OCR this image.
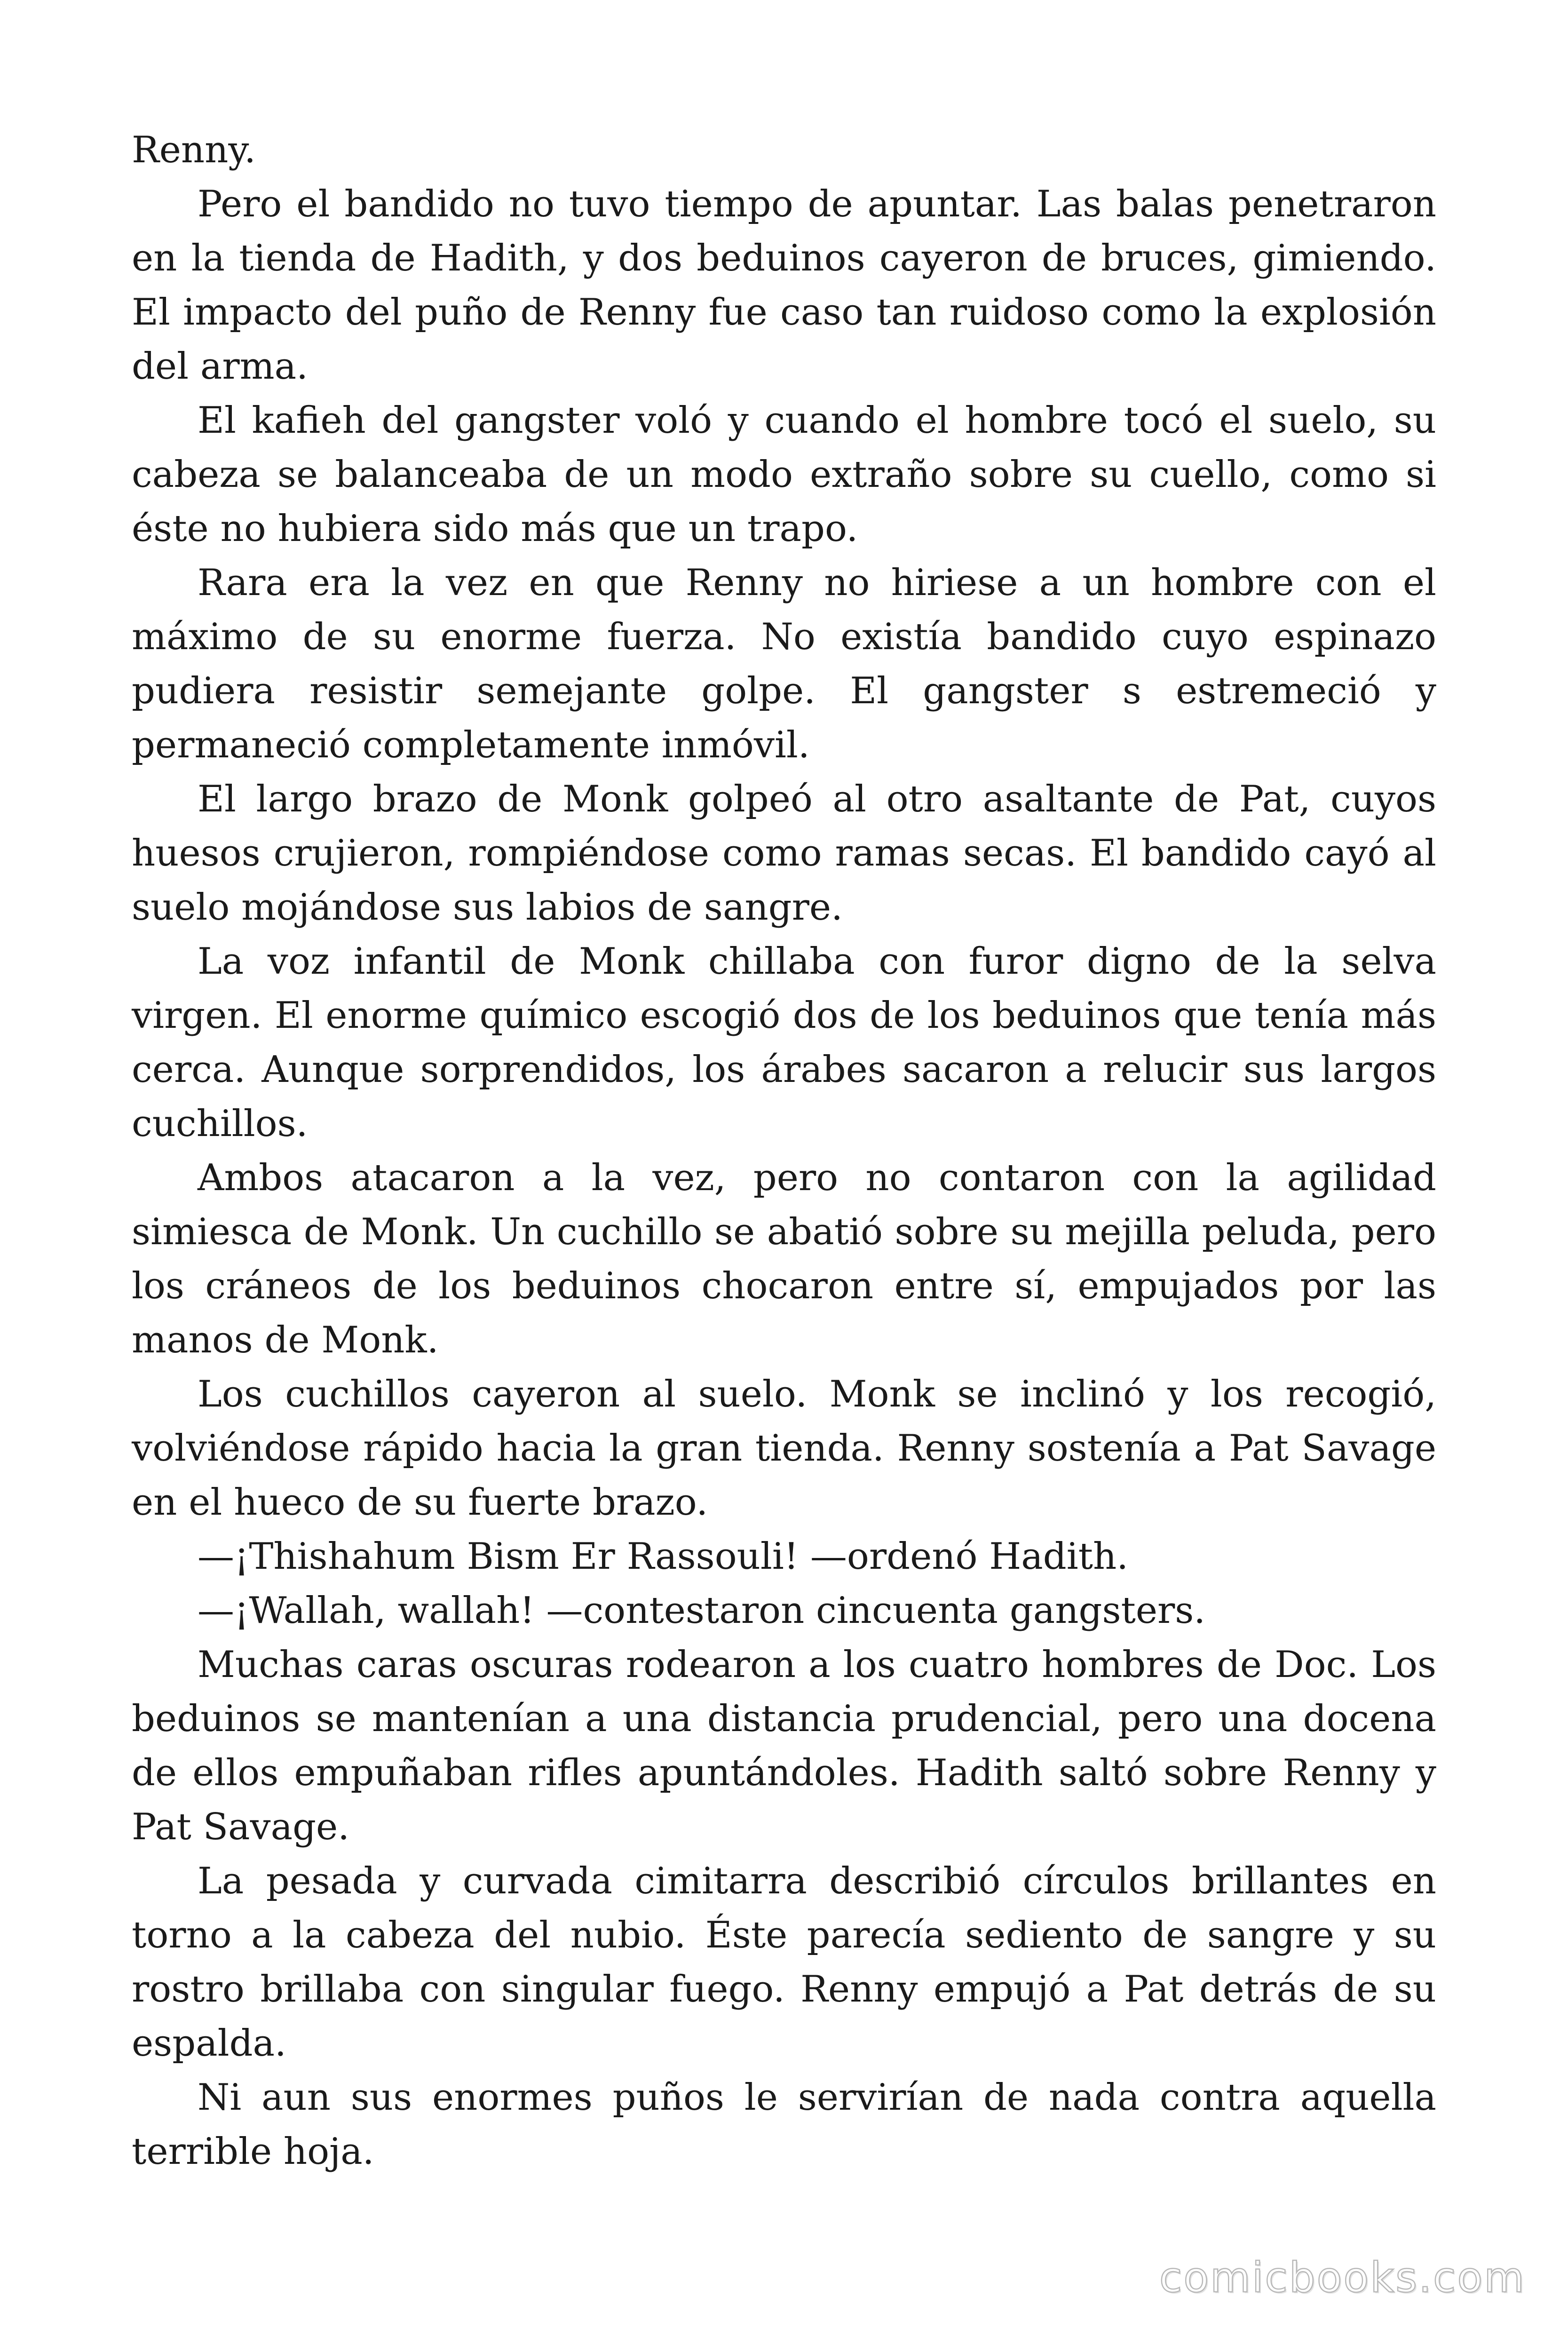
Renny.

Pero el bandido no tuvo tiempo de apuntar. Las balas penetraron en la tienda de Hadith, y dos beduinos cayeron de bruces, gimiendo. El impacto del puño de Renny fue caso tan ruidoso como la explosión del arma.

El kafieh del gangster voló y cuando el hombre tocó el suelo, su cabeza se balanceaba de un modo extraño sobre su cuello, como si éste no hubiera sido más que un trapo.

Rara era la vez en que Renny no hiriese a un hombre con el máximo de su enorme fuerza. No existía bandido cuyo espinazo pudiera resistir semejante golpe. El gangster s estremeció y permaneció completamente inmóvil.

El largo brazo de Monk golpeó al otro asaltante de Pat, cuyos huesos crujieron, rompiéndose como ramas secas. El bandido cayó al suelo mojándose sus labios de sangre.

La voz infantil de Monk chillaba con furor digno de la selva virgen. El enorme químico escogió dos de los beduinos que tenía más cerca. Aunque sorprendidos, los árabes sacaron a relucir sus largos cuchillos.

Ambos atacaron a la vez, pero no contaron con la agilidad simiesca de Monk. Un cuchillo se abatió sobre su mejilla peluda, pero los cráneos de los beduinos chocaron entre sí, empujados por las manos de Monk.

Los cuchillos cayeron al suelo. Monk se inclinó y los recogió, volviéndose rápido hacia la gran tienda. Renny sostenía a Pat Savage en el hueco de su fuerte brazo.

—¡Thishahum Bism Er Rassouli! —ordenó Hadith.

—¡Wallah, wallah! —contestaron cincuenta gangsters.

Muchas caras oscuras rodearon a los cuatro hombres de Doc. Los beduinos se mantenían a una distancia prudencial, pero una docena de ellos empuñaban rifles apuntándoles. Hadith saltó sobre Renny y Pat Savage.

La pesada y curvada cimitarra describió círculos brillantes en torno a la cabeza del nubio. Éste parecía sediento de sangre y su rostro brillaba con singular fuego. Renny empujó a Pat detrás de su espalda.

Ni aun sus enormes puños le servirían de nada contra aquella terrible hoja.

comicbooks.com
